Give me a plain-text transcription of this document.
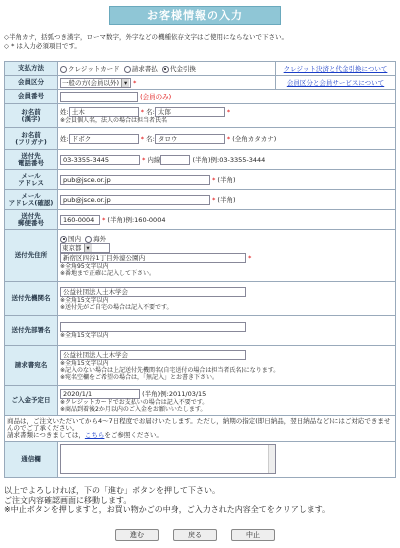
お客様情報の入力
◇半角カナ，括弧つき漢字，ローマ数字，外字などの機種依存文字はご使用にならないで下さい。
◇ * は入力必須項目です。
支払方法	クレジットカード 請求書払 代金引換	クレジット決済と代金引換について
会員区分	一般の方(会員以外) ▾ *	会員区分と会員サービスについて
会員番号	(会員のみ)	
お名前
(漢字)	姓: 土木 * 名: 太郎 *
※会員個人名，法人の場合は担当者氏名	

お名前
(フリガナ)	姓: ドボク * 名: タロウ * (全角カタカナ)	
送付先
電話番号	03-3355-3445 * 内線 (半角)例:03-3355-3444	
メール
アドレス	pub@jsce.or.jp * (半角)	
メール
アドレス(確認)	pub@jsce.or.jp * (半角)	
送付先
郵便番号	160-0004 * (半角)例:160-0004	
送付先住所	国内 海外
東京都 ▾
新宿区四谷1丁目外濠公園内 *
※全角95文字以内
※番地まで正確に記入して下さい。	

送付先機関名	公益社団法人土木学会
※全角15文字以内
※送付先がご自宅の場合は記入不要です。	

送付先部署名	※全角15文字以内	

請求書宛名	公益社団法人土木学会
※全角15文字以内
※記入のない場合は上記送付先機関名(自宅送付の場合は担当者氏名)になります。
※宛名空欄をご希望の場合は，「無記入」とお書き下さい。	

ご入金予定日	2020/1/1 (半角)例:2011/03/15
※クレジットカードでお支払いの場合は記入不要です。
※商品到着後2か月以内のご入金をお願いいたします。	

商品は，ご注文いただいてから4～7日程度でお届けいたします。ただし，納期の指定(即日納品，翌日納品など)にはご対応できませんのでご了承ください。
請求書類につきましては，こちらをご参照ください。		

通信欄		
以上でよろしければ，下の「進む」ボタンを押して下さい。
ご注文内容確認画面に移動します。
※中止ボタンを押しますと，お買い物かごの中身，ご入力された内容全てをクリアします。
進む	戻る	中止
